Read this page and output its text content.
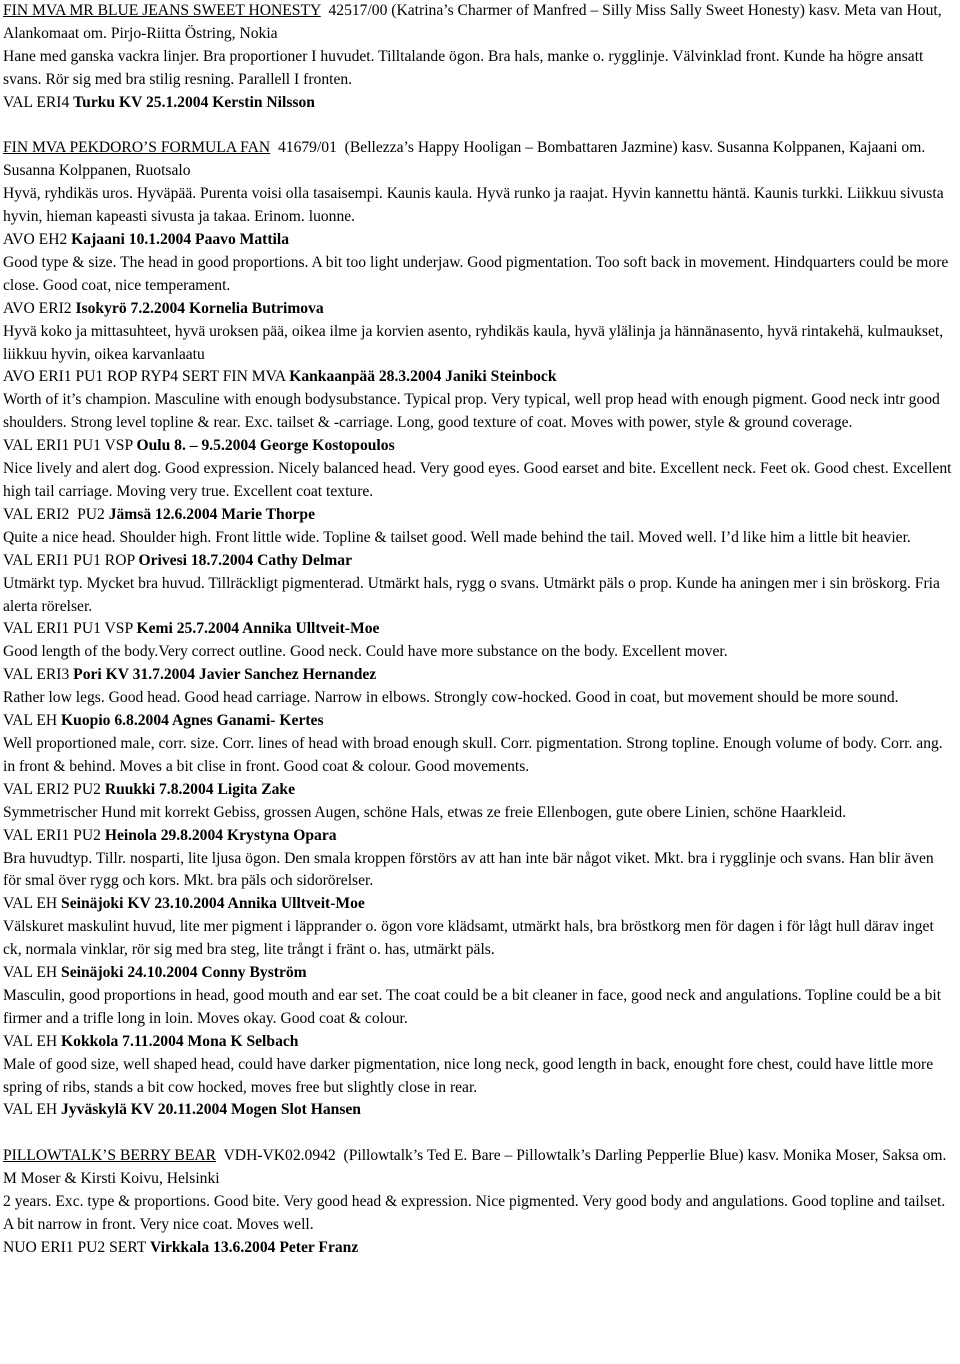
FIN MVA MR BLUE JEANS SWEET HONESTY  42517/00 (Katrina’s Charmer of Manfred – Silly Miss Sally Sweet Honesty) kasv. Meta van Hout, Alankomaat om. Pirjo-Riitta Östring, Nokia

Hane med ganska vackra linjer. Bra proportioner I huvudet. Tilltalande ögon. Bra hals, manke o. rygglinje. Välvinklad front. Kunde ha högre ansatt svans. Rör sig med bra stilig resning. Parallell I fronten.

VAL ERI4 Turku KV 25.1.2004 Kerstin Nilsson

FIN MVA PEKDORO’S FORMULA FAN  41679/01  (Bellezza’s Happy Hooligan – Bombattaren Jazmine) kasv. Susanna Kolppanen, Kajaani om. Susanna Kolppanen, Ruotsalo

Hyvä, ryhdikäs uros. Hyväpää. Purenta voisi olla tasaisempi. Kaunis kaula. Hyvä runko ja raajat. Hyvin kannettu häntä. Kaunis turkki. Liikkuu sivusta hyvin, hieman kapeasti sivusta ja takaa. Erinom. luonne.

AVO EH2 Kajaani 10.1.2004 Paavo Mattila

Good type & size. The head in good proportions. A bit too light underjaw. Good pigmentation. Too soft back in movement. Hindquarters could be more close. Good coat, nice temperament.

AVO ERI2 Isokyrö 7.2.2004 Kornelia Butrimova

Hyvä koko ja mittasuhteet, hyvä uroksen pää, oikea ilme ja korvien asento, ryhdikäs kaula, hyvä ylälinja ja hännänasento, hyvä rintakehä, kulmaukset, liikkuu hyvin, oikea karvanlaatu

AVO ERI1 PU1 ROP RYP4 SERT FIN MVA Kankaanpää 28.3.2004 Janiki Steinbock

Worth of it’s champion. Masculine with enough bodysubstance. Typical prop. Very typical, well prop head with enough pigment. Good neck intr good shoulders. Strong level topline & rear. Exc. tailset & -carriage. Long, good texture of coat. Moves with power, style & ground coverage.

VAL ERI1 PU1 VSP Oulu 8. – 9.5.2004 George Kostopoulos

Nice lively and alert dog. Good expression. Nicely balanced head. Very good eyes. Good earset and bite. Excellent neck. Feet ok. Good chest. Excellent high tail carriage. Moving very true. Excellent coat texture.

VAL ERI2  PU2 Jämsä 12.6.2004 Marie Thorpe

Quite a nice head. Shoulder high. Front little wide. Topline & tailset good. Well made behind the tail. Moved well. I’d like him a little bit heavier.

VAL ERI1 PU1 ROP Orivesi 18.7.2004 Cathy Delmar

Utmärkt typ. Mycket bra huvud. Tillräckligt pigmenterad. Utmärkt hals, rygg o svans. Utmärkt päls o prop. Kunde ha aningen mer i sin bröskorg. Fria alerta rörelser.

VAL ERI1 PU1 VSP Kemi 25.7.2004 Annika Ulltveit-Moe

Good length of the body.Very correct outline. Good neck. Could have more substance on the body. Excellent mover.

VAL ERI3 Pori KV 31.7.2004 Javier Sanchez Hernandez

Rather low legs. Good head. Good head carriage. Narrow in elbows. Strongly cow-hocked. Good in coat, but movement should be more sound.

VAL EH Kuopio 6.8.2004 Agnes Ganami- Kertes

Well proportioned male, corr. size. Corr. lines of head with broad enough skull. Corr. pigmentation. Strong topline. Enough volume of body. Corr. ang. in front & behind. Moves a bit clise in front. Good coat & colour. Good movements.

VAL ERI2 PU2 Ruukki 7.8.2004 Ligita Zake

Symmetrischer Hund mit korrekt Gebiss, grossen Augen, schöne Hals, etwas ze freie Ellenbogen, gute obere Linien, schöne Haarkleid.

VAL ERI1 PU2 Heinola 29.8.2004 Krystyna Opara

Bra huvudtyp. Tillr. nosparti, lite ljusa ögon. Den smala kroppen förstörs av att han inte bär något viket. Mkt. bra i rygglinje och svans. Han blir även för smal över rygg och kors. Mkt. bra päls och sidorörelser.

VAL EH Seinäjoki KV 23.10.2004 Annika Ulltveit-Moe

Välskuret maskulint huvud, lite mer pigment i läpprander o. ögon vore klädsamt, utmärkt hals, bra bröstkorg men för dagen i för lågt hull därav inget ck, normala vinklar, rör sig med bra steg, lite trångt i fränt o. has, utmärkt päls.

VAL EH Seinäjoki 24.10.2004 Conny Byström

Masculin, good proportions in head, good mouth and ear set. The coat could be a bit cleaner in face, good neck and angulations. Topline could be a bit firmer and a trifle long in loin. Moves okay. Good coat & colour.

VAL EH Kokkola 7.11.2004 Mona K Selbach

Male of good size, well shaped head, could have darker pigmentation, nice long neck, good length in back, enought fore chest, could have little more spring of ribs, stands a bit cow hocked, moves free but slightly close in rear.

VAL EH Jyväskylä KV 20.11.2004 Mogen Slot Hansen

PILLOWTALK’S BERRY BEAR  VDH-VK02.0942  (Pillowtalk’s Ted E. Bare – Pillowtalk’s Darling Pepperlie Blue) kasv. Monika Moser, Saksa om. M Moser & Kirsti Koivu, Helsinki

2 years. Exc. type & proportions. Good bite. Very good head & expression. Nice pigmented. Very good body and angulations. Good topline and tailset. A bit narrow in front. Very nice coat. Moves well.

NUO ERI1 PU2 SERT Virkkala 13.6.2004 Peter Franz
